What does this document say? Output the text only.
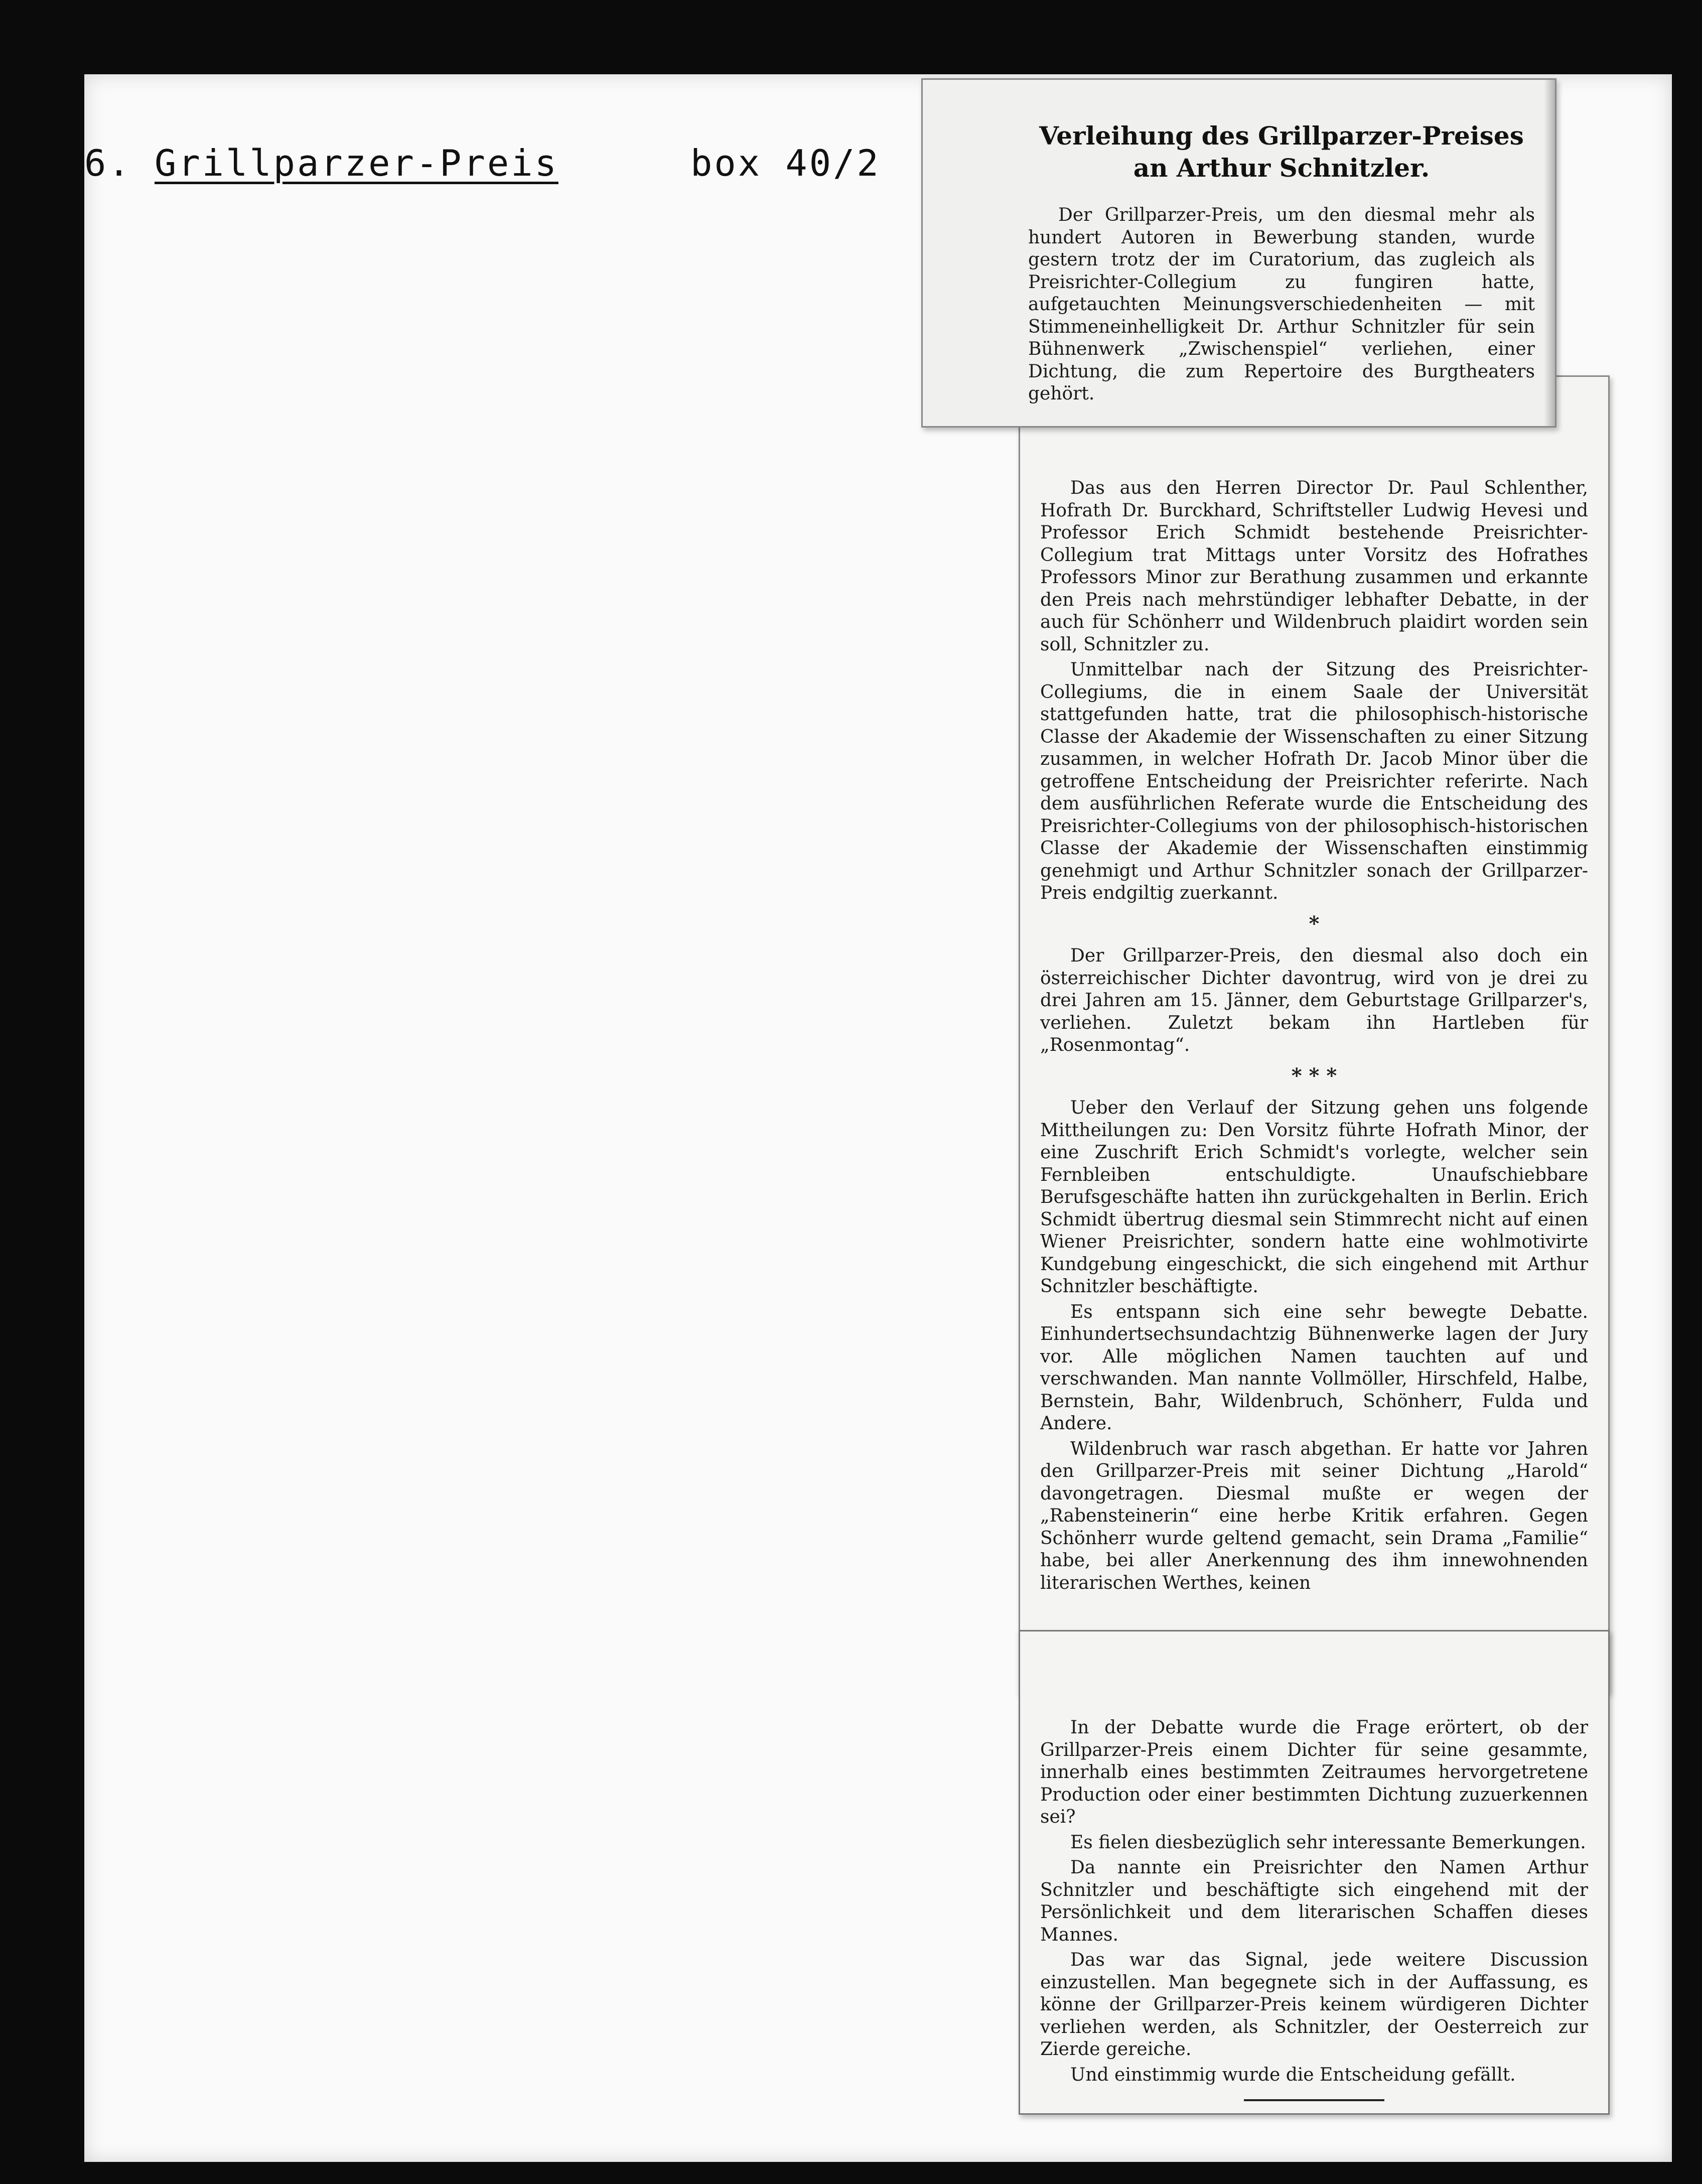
6. Grillparzer-Preis	box 40/2
Verleihung des Grillparzer-Preises an Arthur Schnitzler.

Der Grillparzer-Preis, um den diesmal mehr als hundert Autoren in Bewerbung standen, wurde gestern trotz der im Curatorium, das zugleich als Preisrichter-Collegium zu fungiren hatte, aufgetauchten Meinungsverschiedenheiten — mit Stimmeneinhelligkeit Dr. Arthur Schnitzler für sein Bühnenwerk „Zwischenspiel“ verliehen, einer Dichtung, die zum Repertoire des Burgtheaters gehört.

Das aus den Herren Director Dr. Paul Schlenther, Hofrath Dr. Burckhard, Schriftsteller Ludwig Hevesi und Professor Erich Schmidt bestehende Preisrichter-Collegium trat Mittags unter Vorsitz des Hofrathes Professors Minor zur Berathung zusammen und erkannte den Preis nach mehrstündiger lebhafter Debatte, in der auch für Schönherr und Wildenbruch plaidirt worden sein soll, Schnitzler zu.

Unmittelbar nach der Sitzung des Preisrichter-Collegiums, die in einem Saale der Universität stattgefunden hatte, trat die philosophisch-historische Classe der Akademie der Wissenschaften zu einer Sitzung zusammen, in welcher Hofrath Dr. Jacob Minor über die getroffene Entscheidung der Preisrichter referirte. Nach dem ausführlichen Referate wurde die Entscheidung des Preisrichter-Collegiums von der philosophisch-historischen Classe der Akademie der Wissenschaften einstimmig genehmigt und Arthur Schnitzler sonach der Grillparzer-Preis endgiltig zuerkannt.

*

Der Grillparzer-Preis, den diesmal also doch ein österreichischer Dichter davontrug, wird von je drei zu drei Jahren am 15. Jänner, dem Geburtstage Grillparzer's, verliehen. Zuletzt bekam ihn Hartleben für „Rosenmontag“.

* * *

Ueber den Verlauf der Sitzung gehen uns folgende Mittheilungen zu: Den Vorsitz führte Hofrath Minor, der eine Zuschrift Erich Schmidt's vorlegte, welcher sein Fernbleiben entschuldigte. Unaufschiebbare Berufsgeschäfte hatten ihn zurückgehalten in Berlin. Erich Schmidt übertrug diesmal sein Stimmrecht nicht auf einen Wiener Preisrichter, sondern hatte eine wohlmotivirte Kundgebung eingeschickt, die sich eingehend mit Arthur Schnitzler beschäftigte.

Es entspann sich eine sehr bewegte Debatte. Einhundertsechsundachtzig Bühnenwerke lagen der Jury vor. Alle möglichen Namen tauchten auf und verschwanden. Man nannte Vollmöller, Hirschfeld, Halbe, Bernstein, Bahr, Wildenbruch, Schönherr, Fulda und Andere.

Wildenbruch war rasch abgethan. Er hatte vor Jahren den Grillparzer-Preis mit seiner Dichtung „Harold“ davongetragen. Diesmal mußte er wegen der „Rabensteinerin“ eine herbe Kritik erfahren. Gegen Schönherr wurde geltend gemacht, sein Drama „Familie“ habe, bei aller Anerkennung des ihm innewohnenden literarischen Werthes, keinen

In der Debatte wurde die Frage erörtert, ob der Grillparzer-Preis einem Dichter für seine gesammte, innerhalb eines bestimmten Zeitraumes hervorgetretene Production oder einer bestimmten Dichtung zuzuerkennen sei?

Es fielen diesbezüglich sehr interessante Bemerkungen.

Da nannte ein Preisrichter den Namen Arthur Schnitzler und beschäftigte sich eingehend mit der Persönlichkeit und dem literarischen Schaffen dieses Mannes.

Das war das Signal, jede weitere Discussion einzustellen. Man begegnete sich in der Auffassung, es könne der Grillparzer-Preis keinem würdigeren Dichter verliehen werden, als Schnitzler, der Oesterreich zur Zierde gereiche.

Und einstimmig wurde die Entscheidung gefällt.
